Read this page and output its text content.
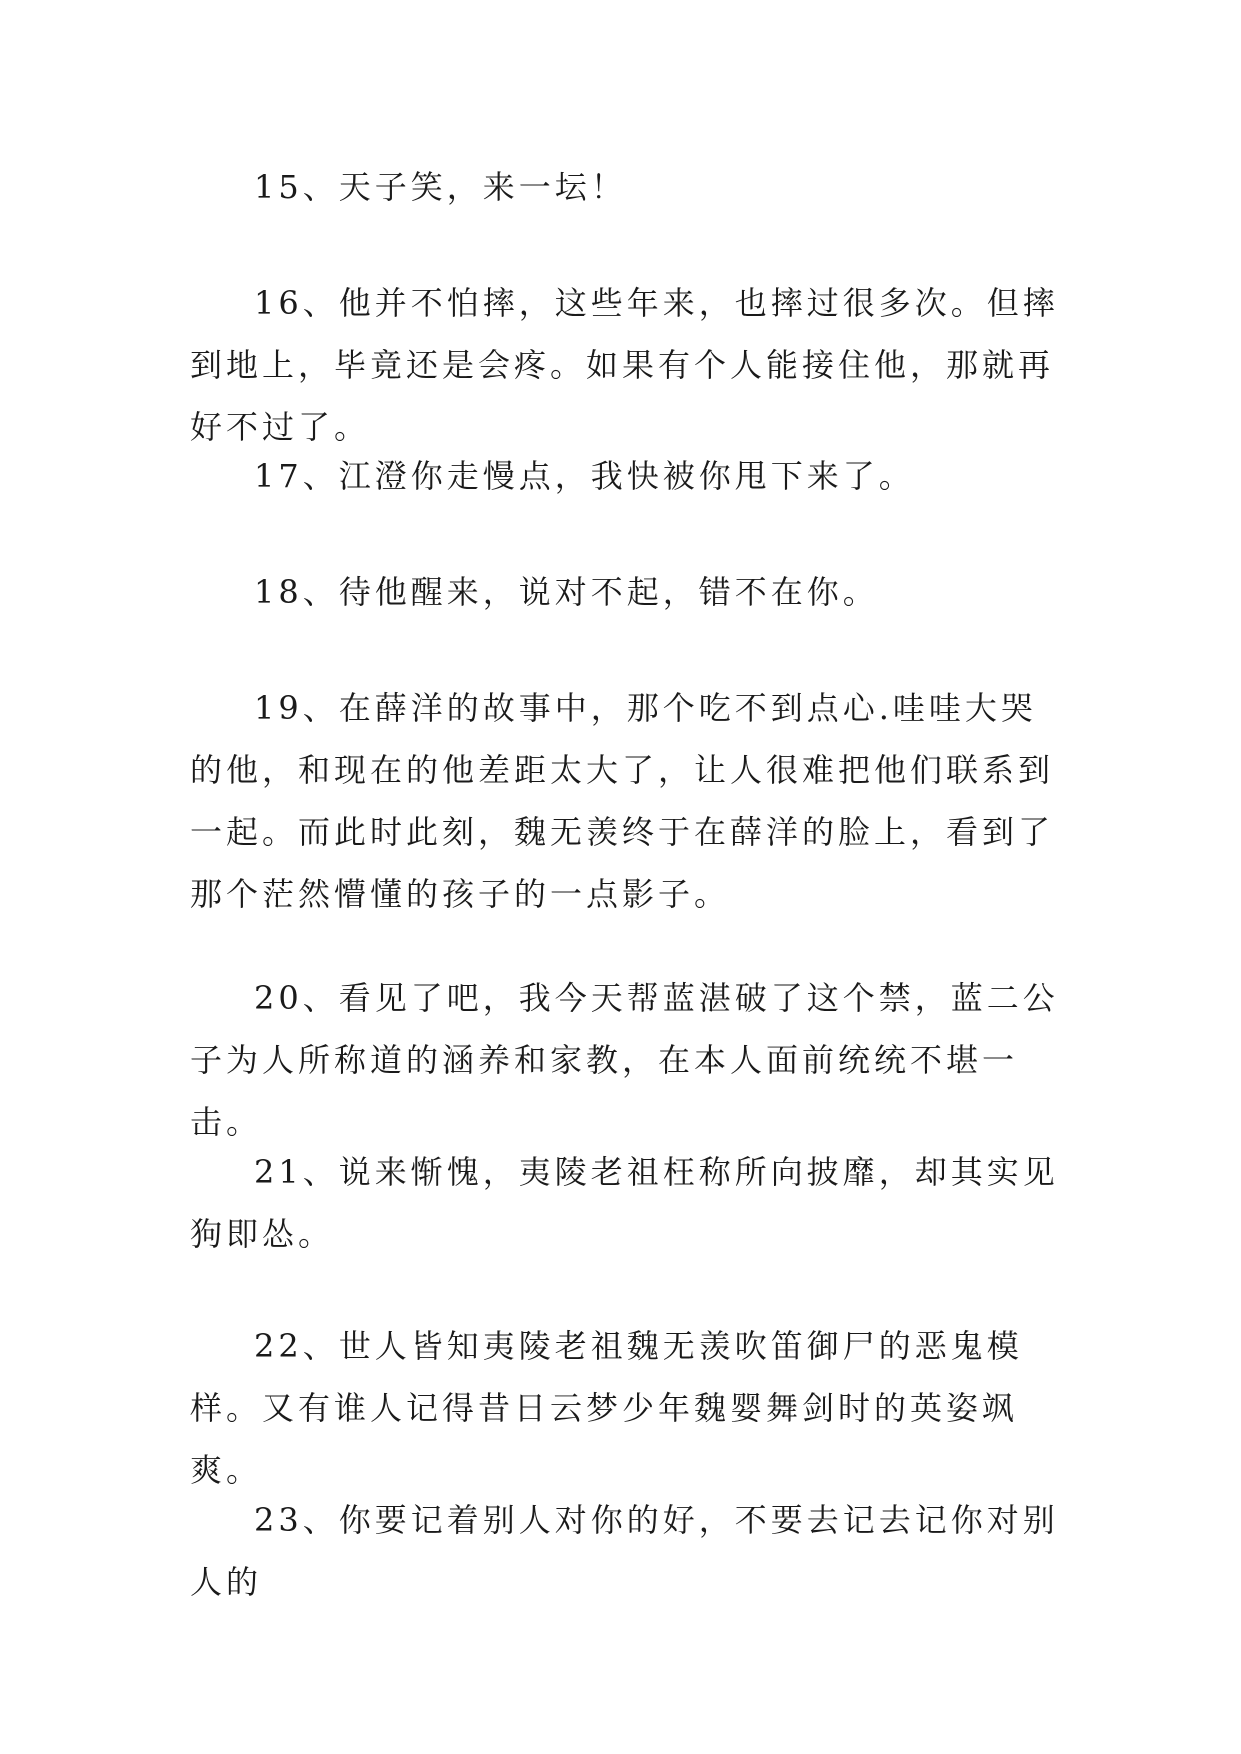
15、天子笑，来一坛！

16、他并不怕摔，这些年来，也摔过很多次。但摔到地上，毕竟还是会疼。如果有个人能接住他，那就再好不过了。

17、江澄你走慢点，我快被你甩下来了。

18、待他醒来，说对不起，错不在你。

19、在薛洋的故事中，那个吃不到点心.哇哇大哭的他，和现在的他差距太大了，让人很难把他们联系到一起。而此时此刻，魏无羡终于在薛洋的脸上，看到了那个茫然懵懂的孩子的一点影子。

20、看见了吧，我今天帮蓝湛破了这个禁，蓝二公子为人所称道的涵养和家教，在本人面前统统不堪一击。

21、说来惭愧，夷陵老祖枉称所向披靡，却其实见狗即怂。

22、世人皆知夷陵老祖魏无羡吹笛御尸的恶鬼模样。又有谁人记得昔日云梦少年魏婴舞剑时的英姿飒爽。

23、你要记着别人对你的好，不要去记去记你对别人的
